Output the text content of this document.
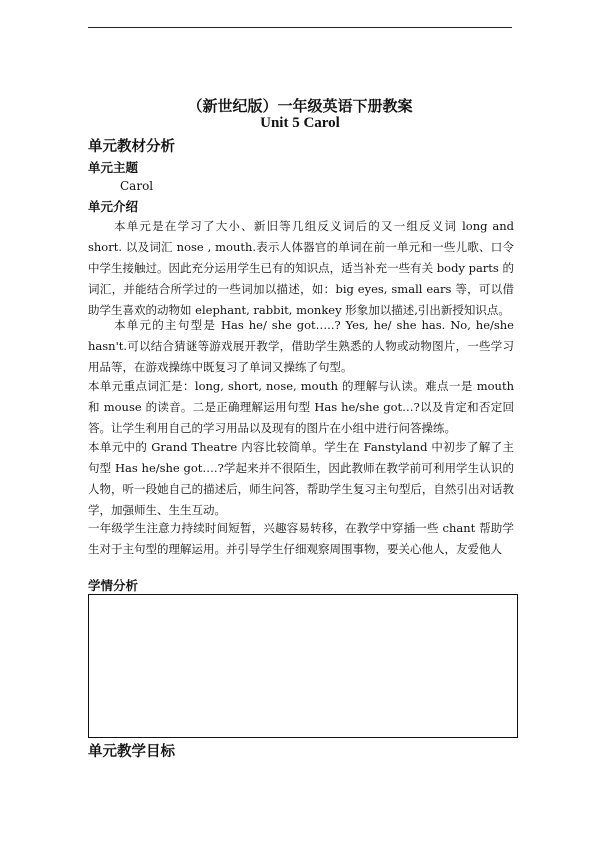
（新世纪版）一年级英语下册教案
Unit 5 Carol
单元教材分析
单元主题
Carol
单元介绍
本单元是在学习了大小、新旧等几组反义词后的又一组反义词 long and short. 以及词汇 nose , mouth.表示人体器官的单词在前一单元和一些儿歌、口令中学生接触过。因此充分运用学生已有的知识点，适当补充一些有关 body parts 的词汇，并能结合所学过的一些词加以描述，如：big eyes, small ears 等，可以借助学生喜欢的动物如 elephant, rabbit, monkey 形象加以描述,引出新授知识点。
本单元的主句型是 Has he/ she got…..? Yes, he/ she has. No, he/she hasn't.可以结合猜谜等游戏展开教学，借助学生熟悉的人物或动物图片，一些学习用品等，在游戏操练中既复习了单词又操练了句型。
本单元重点词汇是：long, short, nose, mouth 的理解与认读。难点一是 mouth 和 mouse 的读音。二是正确理解运用句型 Has he/she got…?以及肯定和否定回答。让学生利用自己的学习用品以及现有的图片在小组中进行问答操练。
本单元中的 Grand Theatre 内容比较简单。学生在 Fanstyland 中初步了解了主句型 Has he/she got….?学起来并不很陌生，因此教师在教学前可利用学生认识的人物，听一段她自己的描述后，师生问答，帮助学生复习主句型后，自然引出对话教学，加强师生、生生互动。
一年级学生注意力持续时间短暂，兴趣容易转移，在教学中穿插一些 chant 帮助学生对于主句型的理解运用。并引导学生仔细观察周围事物，要关心他人，友爱他人
学情分析
单元教学目标
